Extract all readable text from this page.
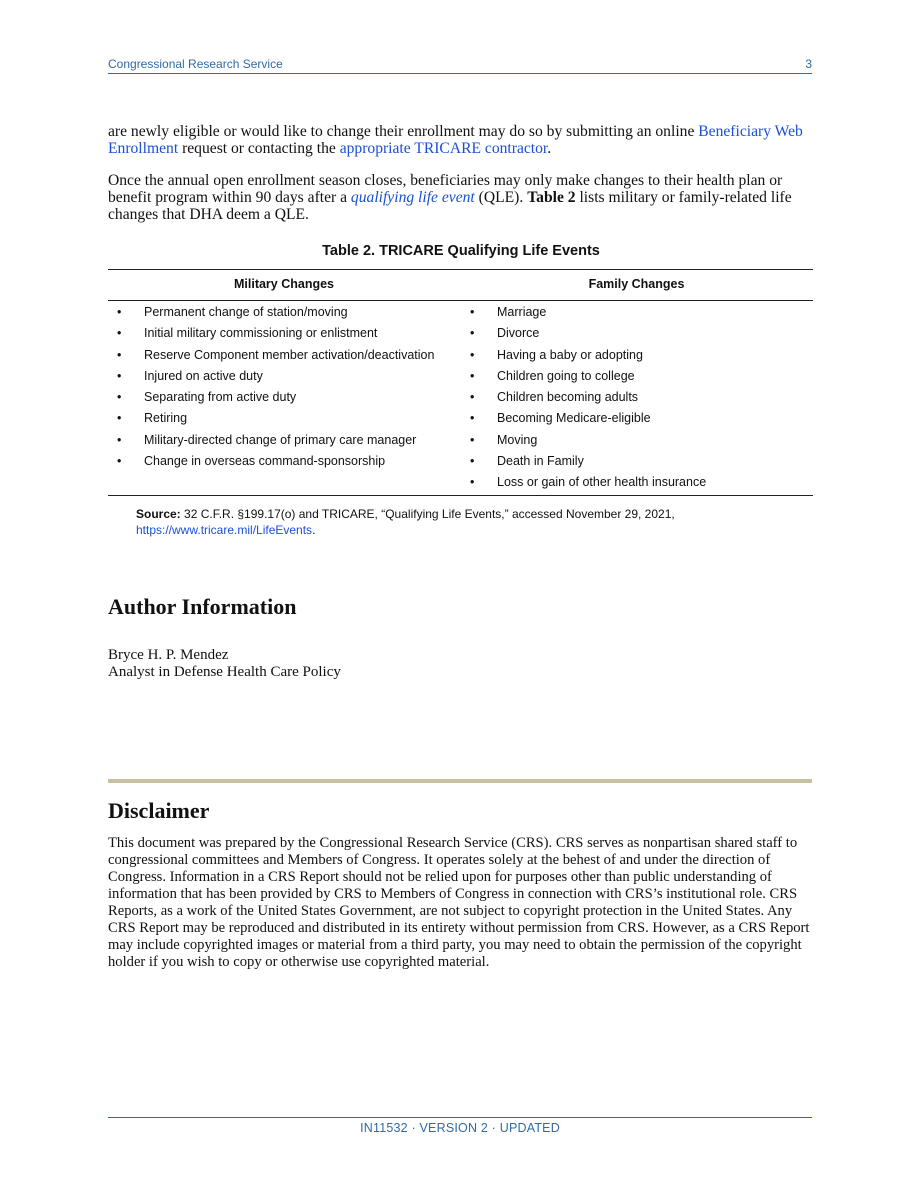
Congressional Research Service	3

are newly eligible or would like to change their enrollment may do so by submitting an online Beneficiary Web Enrollment request or contacting the appropriate TRICARE contractor.

Once the annual open enrollment season closes, beneficiaries may only make changes to their health plan or benefit program within 90 days after a qualifying life event (QLE). Table 2 lists military or family-related life changes that DHA deem a QLE.

Table 2. TRICARE Qualifying Life Events
Military Changes	Family Changes
• Permanent change of station/moving
• Initial military commissioning or enlistment
• Reserve Component member activation/deactivation
• Injured on active duty
• Separating from active duty
• Retiring
• Military-directed change of primary care manager
• Change in overseas command-sponsorship
• Marriage
• Divorce
• Having a baby or adopting
• Children going to college
• Children becoming adults
• Becoming Medicare-eligible
• Moving
• Death in Family
• Loss or gain of other health insurance
Source: 32 C.F.R. §199.17(o) and TRICARE, “Qualifying Life Events,” accessed November 29, 2021, https://www.tricare.mil/LifeEvents.
Author Information
Bryce H. P. Mendez
Analyst in Defense Health Care Policy
Disclaimer

This document was prepared by the Congressional Research Service (CRS). CRS serves as nonpartisan shared staff to congressional committees and Members of Congress. It operates solely at the behest of and under the direction of Congress. Information in a CRS Report should not be relied upon for purposes other than public understanding of information that has been provided by CRS to Members of Congress in connection with CRS’s institutional role. CRS Reports, as a work of the United States Government, are not subject to copyright protection in the United States. Any CRS Report may be reproduced and distributed in its entirety without permission from CRS. However, as a CRS Report may include copyrighted images or material from a third party, you may need to obtain the permission of the copyright holder if you wish to copy or otherwise use copyrighted material.

IN11532 · VERSION 2 · UPDATED
